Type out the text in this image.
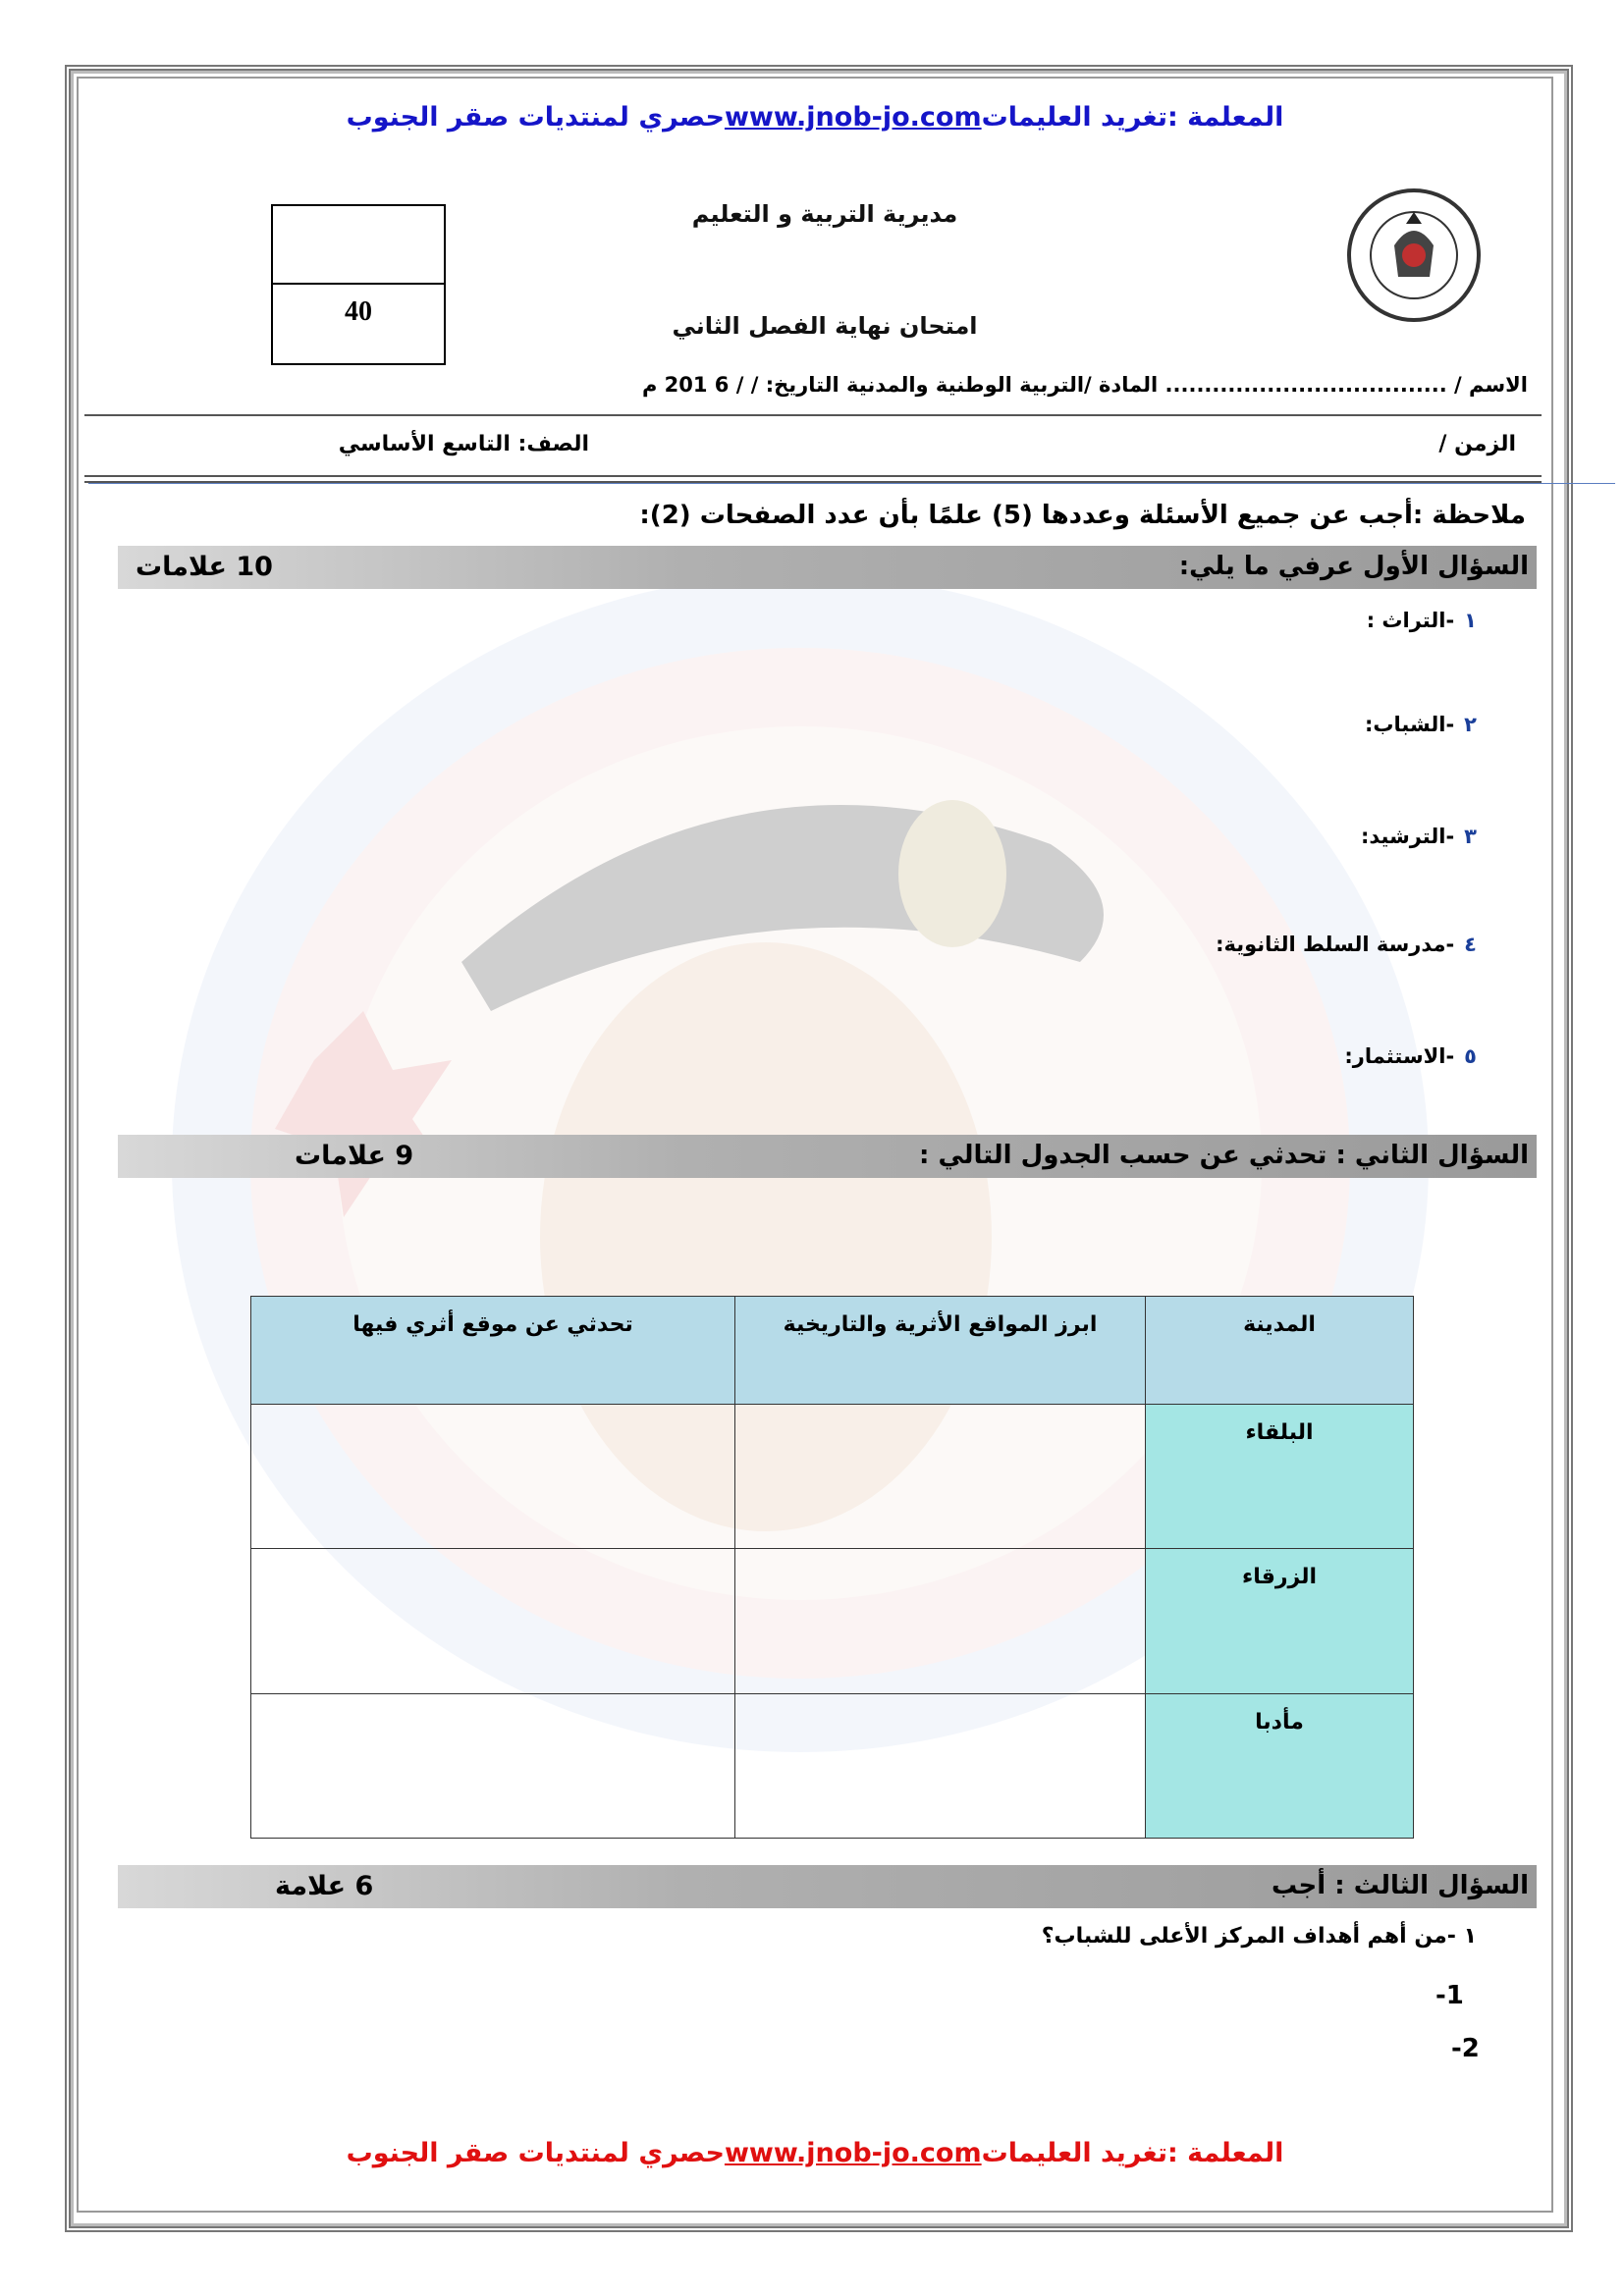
المعلمة :تغريد العليماتwww.jnob-jo.comحصري لمنتديات صقر الجنوب
40
مديرية التربية و التعليم
امتحان نهاية الفصل الثاني
الاسم / .................................... المادة /التربية الوطنية والمدنية التاريخ: / / 6 201 م
الزمن /
الصف: التاسع الأساسي
ملاحظة :أجب عن جميع الأسئلة وعددها (5) علمًا بأن عدد الصفحات (2):
السؤال الأول عرفي ما يلي:
10 علامات
١-التراث :
٢-الشباب:
٣-الترشيد:
٤-مدرسة السلط الثانوية:
٥-الاستثمار:
السؤال الثاني : تحدثي عن حسب الجدول التالي :
9 علامات
المدينة	ابرز المواقع الأثرية والتاريخية	تحدثي عن موقع أثري فيها
البلقاء		
الزرقاء		
مأدبا		
السؤال الثالث : أجب
6 علامة
١ -من أهم أهداف المركز الأعلى للشباب؟
1-
2-
المعلمة :تغريد العليماتwww.jnob-jo.comحصري لمنتديات صقر الجنوب
